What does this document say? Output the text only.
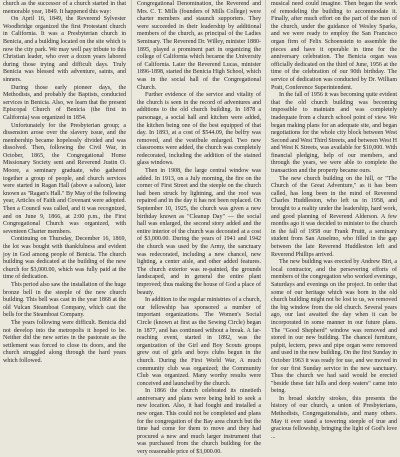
church as the successor of a church started in that memorable year, 1849. It happened this way:

On April 16, 1849, the Reverend Sylvester Woodbridge organized the first Protestant church in California. It was a Presbyterian church in Benicia, and a building located on the site which is now the city park. We may well pay tribute to this Christian leader, who over a dozen years labored during those trying and difficult days. Truly Benicia was blessed with adventure, saints, and sinners.

During those early pioneer days, the Methodists, and probably the Baptists, conducted services in Benicia. Also, we learn that the present Episcopal Church of Benicia (the first in California) was organized in 1854.

Unfortunately for the Presbyterian group; a dissension arose over the slavery issue, and the membership became hopelessly divided and was dissolved. Then, following the Civil War, in October, 1865, the Congregational Home Missionary Society sent and Reverend Justin O. Moore, a seminary graduate, who gathered together a group of people, and church services were started in Ragan Hall (above a saloon), later known as "Ragan's Hall." By May of the following year, Articles of Faith and Covenant were adopted. Then a Council was called, and it was recognized, and on June 9, 1866, at 2:00 p.m., the First Congregational Church was organized, with seventeen Charter members.

Continuing on Thursday, December 16, 1869, the lot was bought with thankfulness and evident joy in God among people of Benicia. The church building was dedicated at the building of the new church for $3,000.00, which was fully paid at the time of dedication.

This period also saw the installation of the huge bronze bell in the steeple of the new church building. This bell was cast in the year 1868 at the old Vulcan Steamboat Company, which cast the bells for the Steamboat Company.

The years following were difficult. Benicia did not develop into the metropolis it hoped to be. Neither did the new series in the pastorate as the settlement was forced to close its doors, and the church struggled along through the hard years which followed.

Congregational Denomination, the Reverend and Mrs. C. T. Mills (founders of Mills College) were charter members and staunch supporters. They were succeeded in their leadership by additional members of the church, as principal of the Ladies Seminary. The Reverend Dr. Willey, minister 1880-1895, played a prominent part in organizing the college of California which became the University of California. Later the Reverend Lucas, minister 1896-1898, started the Benicia High School, which was in the social hall of the Congregational Church.

Further evidence of the service and vitality of the church is seen in the record of adventures and additions to the old church building. In 1878 a parsonage, a social hall and kitchen were added, the kitchen being one of the best equipped of that day. In 1893, at a cost of $544.09, the belfry was removed, and the vestibule enlarged. Two new classrooms were added, the church was completely redecorated, including the addition of the stained glass windows.

Then in 1908, the large central window was added. In 1913, on a July morning, the fire on the corner of First Street and the steeple on the church had been struck by lightning, and the roof was repaired and in the day it has not been replaced. On September 10, 1925, the church was given a new birthday known as "Cleanup Day" — the social hall was enlarged, the second story added and the entire interior of the church was decorated at a cost of $3,000.00. During the years of 1941 and 1942 the church was used by the Army, the sanctuary was redecorated, including a new chancel, new lighting, a center aisle, and other added features. The church exterior was re-painted, the grounds landscaped, and in general the entire plant improved; thus making the house of God a place of beauty.

In addition to the regular ministries of a church, our fellowship has sponsored a number of important organizations. The Women's Social Circle (known at first as the Sewing Circle) began in 1877, and has continued without a break. A far-reaching event, started in 1892, was the organization of the Girl and Boy Scouts groups grew out of girls and boys clubs begun in the church. During the First World War, A much community club was organized; the Community Club was organized. Many worthy results were conceived and launched by the church.

In 1866 the church celebrated its ninetieth anniversary and plans were being held to seek a new location. Also, it had fought and installed a new organ. This could not be completed and plans for the congregation of the Bay area church but the time had come for them to move and they had procured a new and much larger instrument that was purchased from the church building for the very reasonable price of $3,000.00.

musical need could imagine. Then began the work of remodeling the building to accommodate it. Finally, after much effort on the part of the men of the church, under the guidance of Wesley Sparks, and we were ready to employ the San Francisco organ firm of Felix Schoenstein to assemble the pieces and have it operable in time for the anniversary celebration. The Benicia organ was officially dedicated on the third of June, 1956 at the time of the celebration of our 90th birthday. The service of dedication was conducted by Dr. William Pratt, Conference Superintendent.

In the fall of 1956 it was becoming quite evident that the old church building was becoming impossible to maintain and was completely inadequate from a church school point of view. We began making plans for an adequate site, and began negotiations for the whole city block between West Second and West Third Streets, and between West H and West K Streets, was available for $10,000. With financial pledging, help of our members, and through the years, we were able to complete the transaction and the property became ours.

The new church building on the hill, or "The Church of the Great Adventure," as it has been called, has long been in the mind of Reverend Charles Huddleston, who left us in 1958, and brought to a reality under the leadership, hard work, and good planning of Reverend Alderson. A few months ago it was decided to minister to the church in the fall of 1958 our Frank Pruitt, a seminary student from San Anselmo, who filled in the gap between the late Reverend Huddleston left and Reverend Phillips arrived.

The new building was erected by Andrew Birt, a local contractor, and the persevering efforts of members of the congregation who worked evenings, Saturdays and evenings on the project. In order that some of our heritage which was born in the old church building might not be lost to us, we removed the big window from the old church. Several years ago, our last awaited the day when it can be incorporated in some manner in our future plans. The "Good Shepherd" window was removed and stored in our new building. The chancel furniture, pulpit, lectern, pews and pipe organ were removed and used in the new building. On the first Sunday in October 1963 it was ready for use, and we moved in for our first Sunday service in the new sanctuary. Thus the church we had said would be erected "beside these fair hills and deep waters" came into being.

In broad sketchy strokes, this presents the history of our church, a union of Presbyterians, Methodists, Congregationalists, and many others. May it ever stand a towering steeple of true and gracious fellowship, bringing the light of God's love ...
